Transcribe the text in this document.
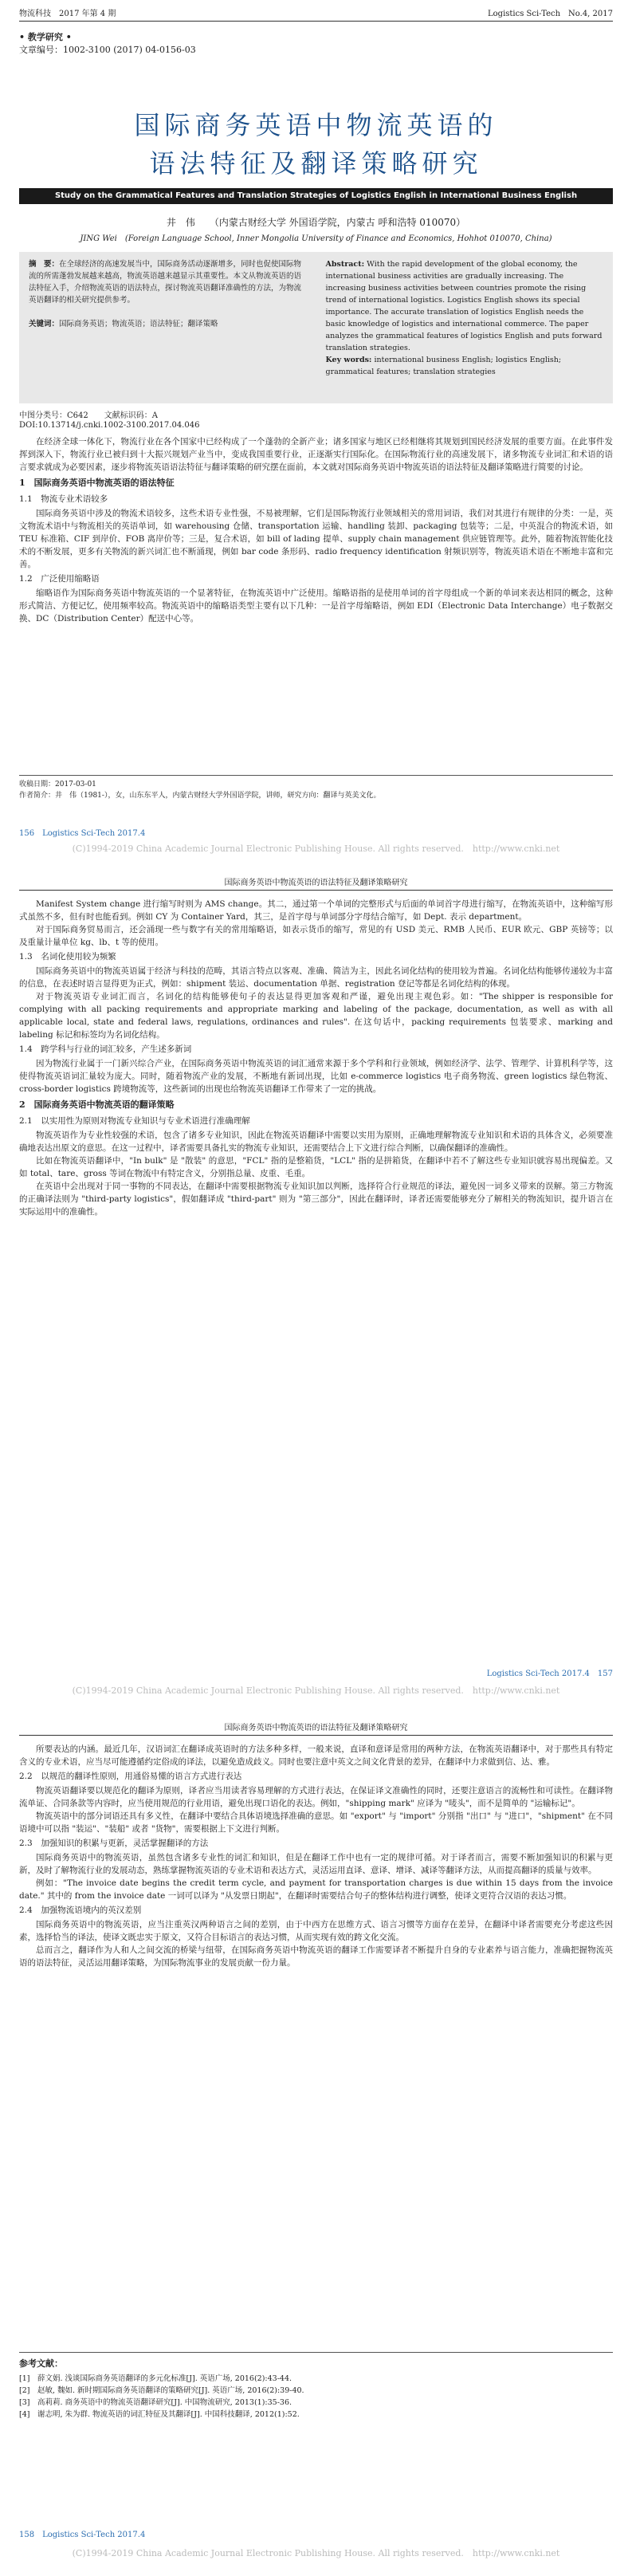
物流科技　2017 年第 4 期	Logistics Sci-Tech　No.4, 2017
• 教学研究 •
文章编号：1002-3100 (2017) 04-0156-03
国际商务英语中物流英语的
语法特征及翻译策略研究
Study on the Grammatical Features and Translation Strategies of Logistics English in International Business English
井　伟　　（内蒙古财经大学 外国语学院，内蒙古 呼和浩特 010070）
JING Wei　(Foreign Language School, Inner Mongolia University of Finance and Economics, Hohhot 010070, China)
摘　要：在全球经济的高速发展当中，国际商务活动逐渐增多，同时也促使国际物流的所需蓬勃发展越来越高，物流英语越来越显示其重要性。本文从物流英语的语法特征入手，介绍物流英语的语法特点，探讨物流英语翻译准确性的方法，为物流英语翻译的相关研究提供参考。

关键词：国际商务英语；物流英语；语法特征；翻译策略
Abstract: With the rapid development of the global economy, the international business activities are gradually increasing. The increasing business activities between countries promote the rising trend of international logistics. Logistics English shows its special importance. The accurate translation of logistics English needs the basic knowledge of logistics and international commerce. The paper analyzes the grammatical features of logistics English and puts forward translation strategies.
Key words: international business English; logistics English; grammatical features; translation strategies
中图分类号：C642　　文献标识码：A
DOI:10.13714/j.cnki.1002-3100.2017.04.046

在经济全球一体化下，物流行业在各个国家中已经构成了一个蓬勃的全新产业；诸多国家与地区已经相继将其规划到国民经济发展的重要方面。在此事件发挥到深入下，物流行业已被归到十大振兴规划产业当中，变成我国重要行业，正逐渐实行国际化。在国际物流行业的高速发展下，诸多物流专业词汇和术语的语言要求就成为必要因素，逐步将物流英语语法特征与翻译策略的研究摆在面前，本文就对国际商务英语中物流英语的语法特征及翻译策略进行简要的讨论。

1　国际商务英语中物流英语的语法特征
1.1　物流专业术语较多

国际商务英语中涉及的物流术语较多，这些术语专业性强，不易被理解，它们是国际物流行业领域相关的常用词语，我们对其进行有规律的分类：一是，英文物流术语中与物流相关的英语单词，如 warehousing 仓储、transportation 运输、handling 装卸、packaging 包装等；二是，中英混合的物流术语，如 TEU 标准箱、CIF 到岸价、FOB 离岸价等；三是，复合术语，如 bill of lading 提单、supply chain management 供应链管理等。此外，随着物流智能化技术的不断发展，更多有关物流的新兴词汇也不断涌现，例如 bar code 条形码、radio frequency identification 射频识别等，物流英语术语在不断地丰富和完善。

1.2　广泛使用缩略语

缩略语作为国际商务英语中物流英语的一个显著特征，在物流英语中广泛使用。缩略语指的是使用单词的首字母组成一个新的单词来表达相同的概念，这种形式简洁、方便记忆，使用频率较高。物流英语中的缩略语类型主要有以下几种：一是首字母缩略语，例如 EDI（Electronic Data Interchange）电子数据交换、DC（Distribution Center）配送中心等。

收稿日期：2017-03-01
作者简介：井　伟（1981-），女，山东东平人，内蒙古财经大学外国语学院，讲师，研究方向：翻译与英美文化。
156　Logistics Sci-Tech 2017.4
(C)1994-2019 China Academic Journal Electronic Publishing House. All rights reserved.　http://www.cnki.net
国际商务英语中物流英语的语法特征及翻译策略研究

Manifest System change 进行缩写时则为 AMS change。其二，通过第一个单词的完整形式与后面的单词首字母进行缩写，在物流英语中，这种缩写形式虽然不多，但有时也能看到。例如 CY 为 Container Yard，其三，是首字母与单词部分字母结合缩写，如 Dept. 表示 department。

对于国际商务贸易而言，还会涌现一些与数字有关的常用缩略语，如表示货币的缩写，常见的有 USD 美元、RMB 人民币、EUR 欧元、GBP 英镑等；以及重量计量单位 kg、lb、t 等的使用。

1.3　名词化使用较为频繁

国际商务英语中的物流英语属于经济与科技的范畴，其语言特点以客观、准确、简洁为主，因此名词化结构的使用较为普遍。名词化结构能够传递较为丰富的信息，在表述时语言显得更为正式，例如：shipment 装运、documentation 单据、registration 登记等都是名词化结构的体现。

对于物流英语专业词汇而言，名词化的结构能够使句子的表达显得更加客观和严谨，避免出现主观色彩。如："The shipper is responsible for complying with all packing requirements and appropriate marking and labeling of the package, documentation, as well as with all applicable local, state and federal laws, regulations, ordinances and rules". 在这句话中，packing requirements 包装要求、marking and labeling 标记和标签均为名词化结构。

1.4　跨学科与行业的词汇较多，产生述多新词

因为物流行业属于一门新兴综合产业，在国际商务英语中物流英语的词汇通常来源于多个学科和行业领域，例如经济学、法学、管理学、计算机科学等，这使得物流英语词汇量较为庞大。同时，随着物流产业的发展，不断地有新词出现，比如 e-commerce logistics 电子商务物流、green logistics 绿色物流、cross-border logistics 跨境物流等，这些新词的出现也给物流英语翻译工作带来了一定的挑战。

2　国际商务英语中物流英语的翻译策略
2.1　以实用性为原则对物流专业知识与专业术语进行准确理解

物流英语作为专业性较强的术语，包含了诸多专业知识，因此在物流英语翻译中需要以实用为原则，正确地理解物流专业知识和术语的具体含义，必须要准确地表达出原文的意思。在这一过程中，译者需要具备扎实的物流专业知识，还需要结合上下文进行综合判断，以确保翻译的准确性。

比如在物流英语翻译中，"In bulk" 是 "散装" 的意思，"FCL" 指的是整箱货，"LCL" 指的是拼箱货，在翻译中若不了解这些专业知识就容易出现偏差。又如 total、tare、gross 等词在物流中有特定含义，分别指总量、皮重、毛重。

在英语中会出现对于同一事物的不同表达，在翻译中需要根据物流专业知识加以判断，选择符合行业规范的译法，避免因一词多义带来的误解。第三方物流的正确译法则为 "third-party logistics"，假如翻译成 "third-part" 则为 "第三部分"，因此在翻译时，译者还需要能够充分了解相关的物流知识，提升语言在实际运用中的准确性。

Logistics Sci-Tech 2017.4　157
(C)1994-2019 China Academic Journal Electronic Publishing House. All rights reserved.　http://www.cnki.net
国际商务英语中物流英语的语法特征及翻译策略研究

所要表达的内涵。最近几年，汉语词汇在翻译成英语时的方法多种多样，一般来说，直译和意译是常用的两种方法，在物流英语翻译中，对于那些具有特定含义的专业术语，应当尽可能遵循约定俗成的译法，以避免造成歧义。同时也要注意中英文之间文化背景的差异，在翻译中力求做到信、达、雅。

2.2　以规范的翻译性原则，用通俗易懂的语言方式进行表达

物流英语翻译要以规范化的翻译为原则，译者应当用读者容易理解的方式进行表达，在保证译文准确性的同时，还要注意语言的流畅性和可读性。在翻译物流单证、合同条款等内容时，应当使用规范的行业用语，避免出现口语化的表达。例如，"shipping mark" 应译为 "唛头"，而不是简单的 "运输标记"。

物流英语中的部分词语还具有多义性，在翻译中要结合具体语境选择准确的意思。如 "export" 与 "import" 分别指 "出口" 与 "进口"，"shipment" 在不同语境中可以指 "装运"、"装船" 或者 "货物"，需要根据上下文进行判断。

2.3　加强知识的积累与更新，灵活掌握翻译的方法

国际商务英语中的物流英语，虽然包含诸多专业性的词汇和知识，但是在翻译工作中也有一定的规律可循。对于译者而言，需要不断加强知识的积累与更新，及时了解物流行业的发展动态，熟练掌握物流英语的专业术语和表达方式，灵活运用直译、意译、增译、减译等翻译方法，从而提高翻译的质量与效率。

例如："The invoice date begins the credit term cycle, and payment for transportation charges is due within 15 days from the invoice date." 其中的 from the invoice date 一词可以译为 "从发票日期起"，在翻译时需要结合句子的整体结构进行调整，使译文更符合汉语的表达习惯。

2.4　加强物流语境内的英汉差别

国际商务英语中的物流英语，应当注重英汉两种语言之间的差别，由于中西方在思维方式、语言习惯等方面存在差异，在翻译中译者需要充分考虑这些因素，选择恰当的译法，使译文既忠实于原文，又符合目标语言的表达习惯，从而实现有效的跨文化交流。

总而言之，翻译作为人和人之间交流的桥梁与纽带，在国际商务英语中物流英语的翻译工作需要译者不断提升自身的专业素养与语言能力，准确把握物流英语的语法特征，灵活运用翻译策略，为国际物流事业的发展贡献一份力量。

参考文献：
[1]　薛文娟. 浅谈国际商务英语翻译的多元化标准[J]. 英语广场, 2016(2):43-44.
[2]　赵敏, 魏如. 新时期国际商务英语翻译的策略研究[J]. 英语广场, 2016(2):39-40.
[3]　高莉莉. 商务英语中的物流英语翻译研究[J]. 中国物流研究, 2013(1):35-36.
[4]　谢志明, 朱为群. 物流英语的词汇特征及其翻译[J]. 中国科技翻译, 2012(1):52.
158　Logistics Sci-Tech 2017.4
(C)1994-2019 China Academic Journal Electronic Publishing House. All rights reserved.　http://www.cnki.net
